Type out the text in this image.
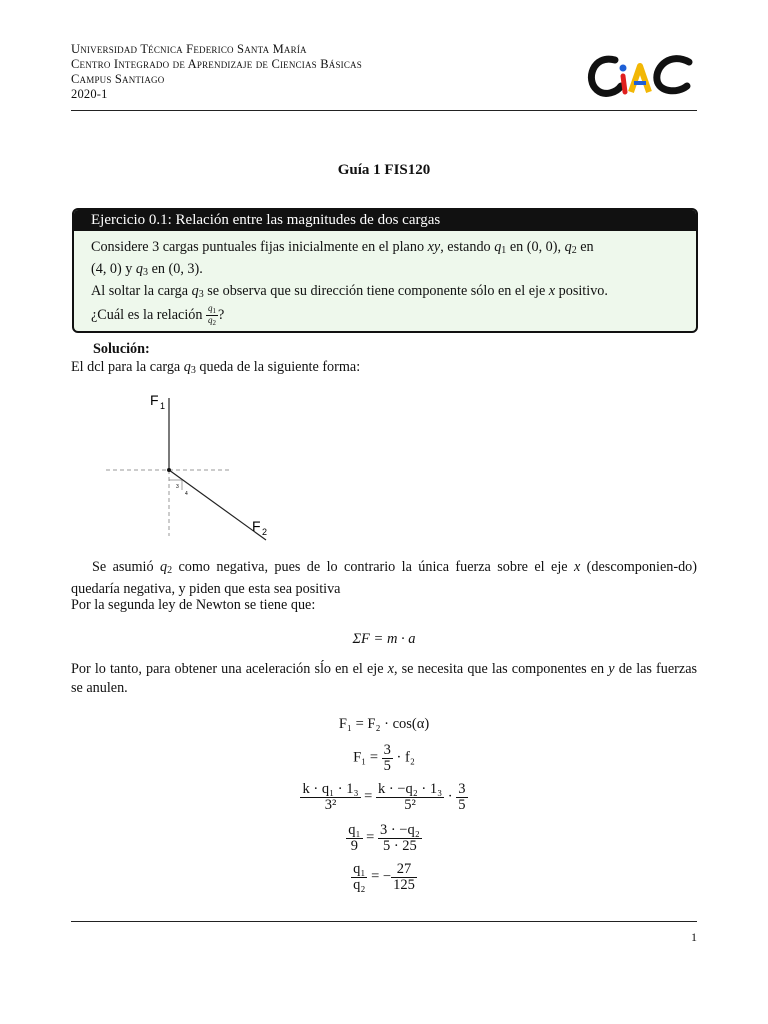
Universidad Técnica Federico Santa María
Centro Integrado de Aprendizaje de Ciencias Básicas
Campus Santiago
2020-1
Guía 1 FIS120
Ejercicio 0.1: Relación entre las magnitudes de dos cargas
Considere 3 cargas puntuales fijas inicialmente en el plano xy, estando $q_1$ en (0, 0), $q_2$ en
(4, 0) y $q_3$ en (0, 3).
Al soltar la carga $q_3$ se observa que su dirección tiene componente sólo en el eje x positivo.
¿Cuál es la relación $\frac{q_1}{q_2}$ ?
Solución:
El dcl para la carga $q_3$ queda de la siguiente forma:
F 1
F 2
3
4
Se asumió $q_2$ como negativa, pues de lo contrario la única fuerza sobre el eje x (descomponien-do) quedaría negativa, y piden que esta sea positiva
Por la segunda ley de Newton se tiene que:
ΣF = m · a
Por lo tanto, para obtener una aceleración sĺo en el eje x, se necesita que las componentes en y de las fuerzas se anulen.
F₁ = F₂ · cos(α)
$F_1 = \frac{3}{5} \cdot f_2$
$\frac{\text{k · q₁ · 1₃}}{\text{3²}} = \frac{\text{k · −q₂ · 1₃}}{\text{5²}} \cdot \frac{3}{5}$
$\frac{\text{q₁}}{9} = \frac{\text{3 · −q₂}}{5 \cdot 25}$
$\frac{\text{q₁}}{\text{q₂}}$ = − $\frac{27}{125}$
1
